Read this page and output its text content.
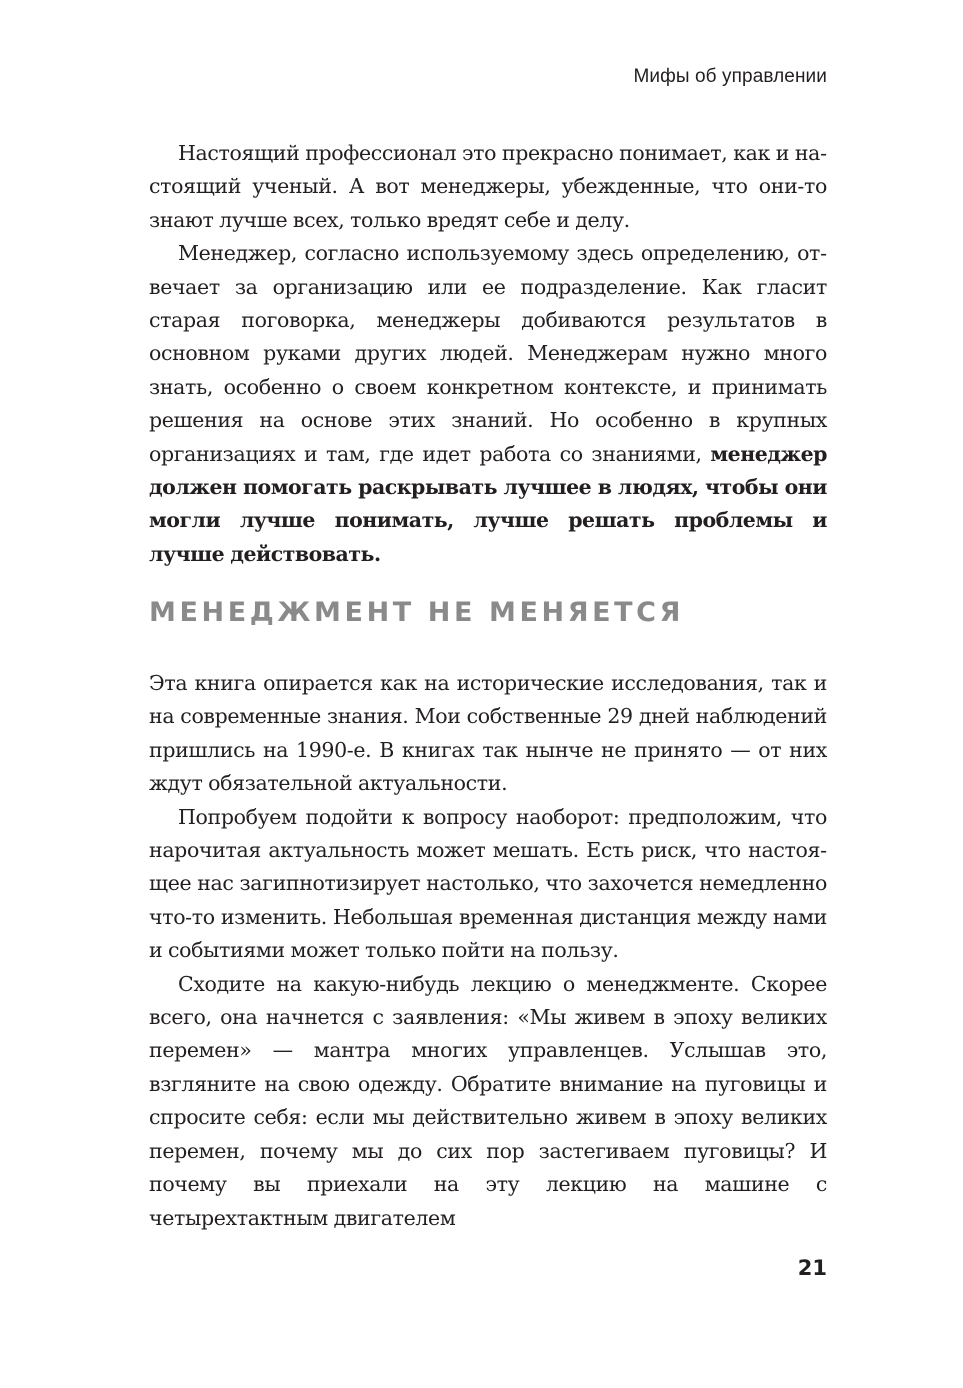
Мифы об управлении

Настоящий профессионал это прекрасно понимает, как и настоящий ученый. А вот менеджеры, убежденные, что они-то знают лучше всех, только вредят себе и делу.

Менеджер, согласно используемому здесь определению, отвечает за организацию или ее подразделение. Как гласит старая поговорка, менеджеры добиваются результатов в основном руками других людей. Менеджерам нужно много знать, особенно о своем конкретном контексте, и принимать решения на основе этих знаний. Но особенно в крупных организациях и там, где идет работа со знаниями, менеджер должен помогать раскрывать лучшее в людях, чтобы они могли лучше понимать, лучше решать проблемы и лучше действовать.

МЕНЕДЖМЕНТ НЕ МЕНЯЕТСЯ

Эта книга опирается как на исторические исследования, так и на современные знания. Мои собственные 29 дней наблюдений пришлись на 1990-е. В книгах так нынче не принято — от них ждут обязательной актуальности.

Попробуем подойти к вопросу наоборот: предположим, что нарочитая актуальность может мешать. Есть риск, что настоящее нас загипнотизирует настолько, что захочется немедленно что-то изменить. Небольшая временная дистанция между нами и событиями может только пойти на пользу.

Сходите на какую-нибудь лекцию о менеджменте. Скорее всего, она начнется с заявления: «Мы живем в эпоху великих перемен» — мантра многих управленцев. Услышав это, взгляните на свою одежду. Обратите внимание на пуговицы и спросите себя: если мы действительно живем в эпоху великих перемен, почему мы до сих пор застегиваем пуговицы? И почему вы приехали на эту лекцию на машине с четырехтактным двигателем

21
